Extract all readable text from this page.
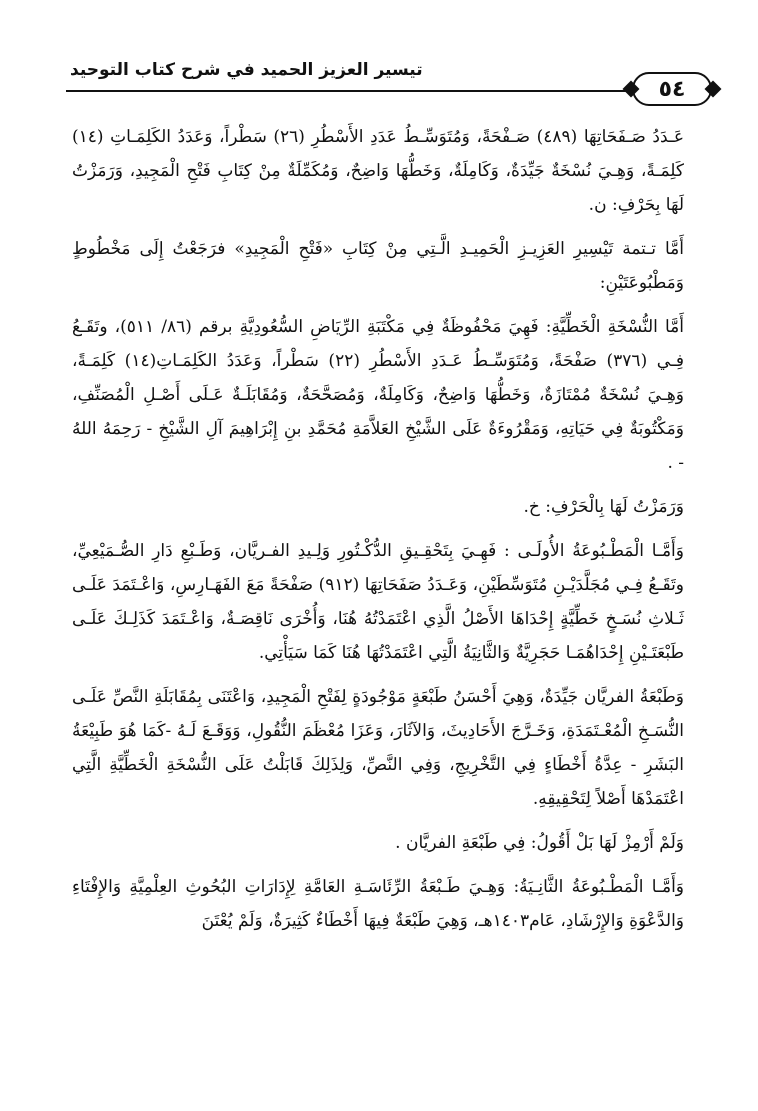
تيسير العزيز الحميد في شرح كتاب التوحيد
٥٤

عَـدَدُ صَـفَحَاتِهَا (٤٨٩) صَـفْحَةً، وَمُتَوَسِّـطُ عَدَدِ الأَسْطُرِ (٢٦) سَطْراً، وَعَدَدُ الكَلِمَـاتِ (١٤) كَلِمَـةً، وَهِـيَ نُسْخَةٌ جَيِّدَةٌ، وَكَامِلَةٌ، وَخَطُّهَا وَاضِحٌ، وَمُكَمِّلَةٌ مِنْ كِتَابِ فَتْحِ الْمَجِيدِ، وَرَمَزْتُ لَهَا بِحَرْفِ: ن.

أَمَّا تـتمة تَيْسِيرِ العَزِيـزِ الْحَمِيـدِ الَّـتِي مِنْ كِتَابِ «فَتْحِ الْمَجِيدِ» فرَجَعْتُ إِلَى مَخْطُوطٍ وَمَطْبُوعَتَيْنِ:

أَمَّا النُّسْخَةِ الْخَطِّيَّةِ: فَهِيَ مَحْفُوظَةٌ فِي مَكْتَبَةِ الرِّيَاضِ السُّعُودِيَّةِ برقم (٨٦/ ٥١١)، وتَقَـعُ فِـي (٣٧٦) صَفْحَةً، وَمُتَوَسِّـطُ عَـدَدِ الأَسْطُرِ (٢٢) سَطْراً، وَعَدَدُ الكَلِمَـاتِ(١٤) كَلِمَـةً، وَهِـيَ نُسْخَةٌ مُمْتَازَةٌ، وَخَطُّهَا وَاضِحٌ، وَكَامِلَةٌ، وَمُصَحَّحَةٌ، وَمُقَابَلَـةٌ عَـلَى أَصْـلِ الْمُصَنِّفِ، وَمَكْتُوبَةٌ فِي حَيَاتِهِ، وَمَقْرُوءَةٌ عَلَى الشَّيْخِ العَلاَّمَةِ مُحَمَّدِ بنِ إِبْرَاهِيمَ آلِ الشَّيْخِ - رَحِمَهُ اللهُ - .

وَرَمَزْتُ لَهَا بِالْحَرْفِ: خ.

وَأَمَّـا الْمَطْـبُوعَةُ الأُولَـى : فَهِـيَ بِتَحْقِـيقِ الدُّكْـتُورِ وَلِـيدِ الفـريَّان، وَطَـبْعِ دَارِ الصُّـمَيْعِيِّ، وتَقَـعُ فِـي مُجَلَّدَيْـنِ مُتَوَسِّطَيْنِ، وَعَـدَدُ صَفَحَاتِهَا (٩١٢) صَفْحَةً مَعَ الفَهَـارِسِ، وَاعْـتَمَدَ عَلَـى ثَـلاثِ نُسَـخٍ خَطِّيَّةٍ إِحْدَاهَا الأَصْلُ الَّذِي اعْتَمَدْتُهُ هُنَا، وَأُخْرَى نَاقِصَـةٌ، وَاعْـتَمَدَ كَذَلِـكَ عَلَـى طَبْعَتَـيْنِ إِحْدَاهُمَـا حَجَرِيَّةٌ وَالثَّانِيَةُ الَّتِي اعْتَمَدْتُهَا هُنَا كَمَا سَيَأْتِي.

وَطَبْعَةُ الفريَّان جَيِّدَةٌ، وَهِيَ أَحْسَنُ طَبْعَةٍ مَوْجُودَةٍ لِفَتْحِ الْمَجِيدِ، وَاعْتَنَى بِمُقَابَلَةِ النَّصِّ عَلَـى النُّسَـخِ الْمُعْـتَمَدَةِ، وَخَـرَّجَ الأَحَادِيثَ، وَالآثَارَ، وَعَزَا مُعْظَمَ النُّقُولِ، وَوَقَـعَ لَـهُ -كَمَا هُوَ طَبِيْعَةُ البَشَرِ - عِدَّةُ أَخْطَاءٍ فِي التَّخْرِيجِ، وَفِي النَّصِّ، وَلِذَلِكَ قَابَلْتُ عَلَى النُّسْخَةِ الْخَطِّيَّةِ الَّتِي اعْتَمَدْهَا أَصْلاً لِتَحْقِيقِهِ.

وَلَمْ أَرْمِزْ لَهَا بَلْ أَقُولُ: فِي طَبْعَةِ الفريَّان .

وَأَمَّـا الْمَطْـبُوعَةُ الثَّانِـيَةُ: وَهِـيَ طَـبْعَةُ الرِّئَاسَـةِ العَامَّةِ لِإِدَارَاتِ البُحُوثِ العِلْمِيَّةِ وَالإِفْتَاءِ وَالدَّعْوَةِ وَالإِرْشَادِ، عَام١٤٠٣هـ، وَهِيَ طَبْعَةٌ فِيهَا أَخْطَاءٌ كَثِيرَةٌ، وَلَمْ يُعْتَنَ
